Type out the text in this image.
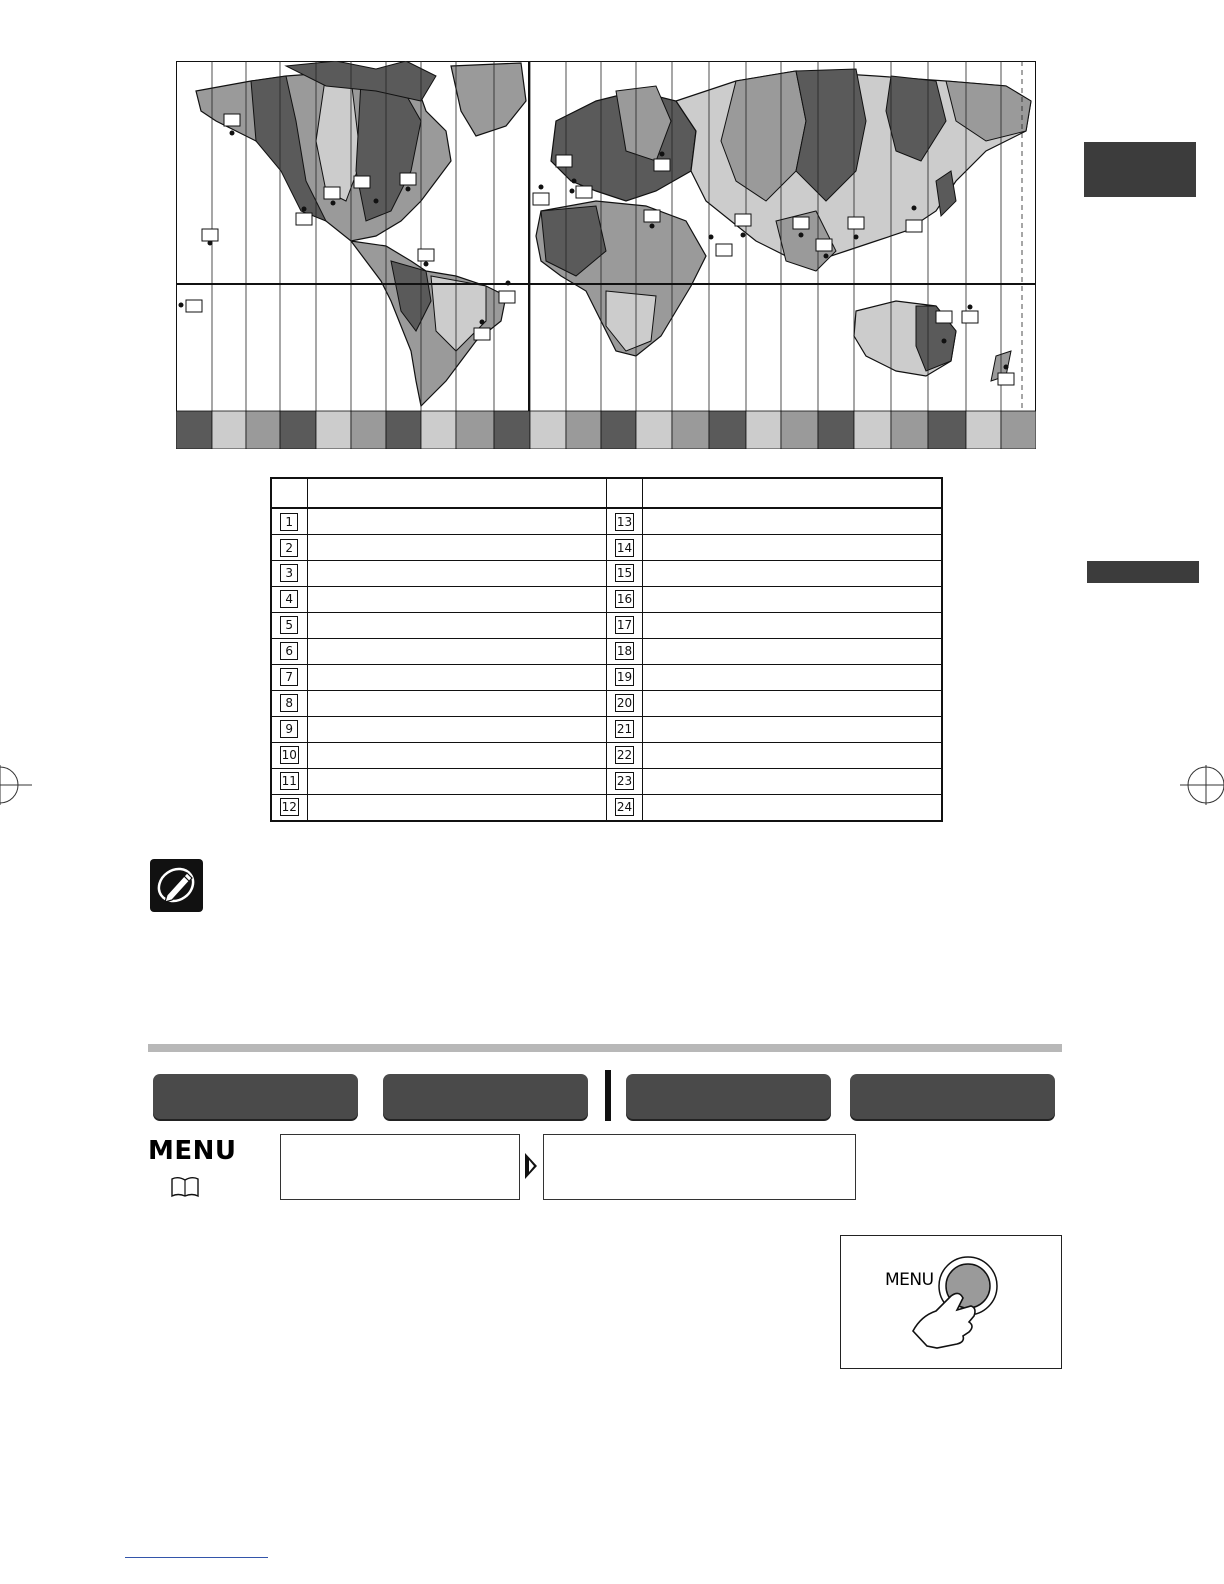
1		13	
2		14	
3		15	
4		16	
5		17	
6		18	
7		19	
8		20	
9		21	
10		22	
11		23	
12		24	
MENU
MENU
